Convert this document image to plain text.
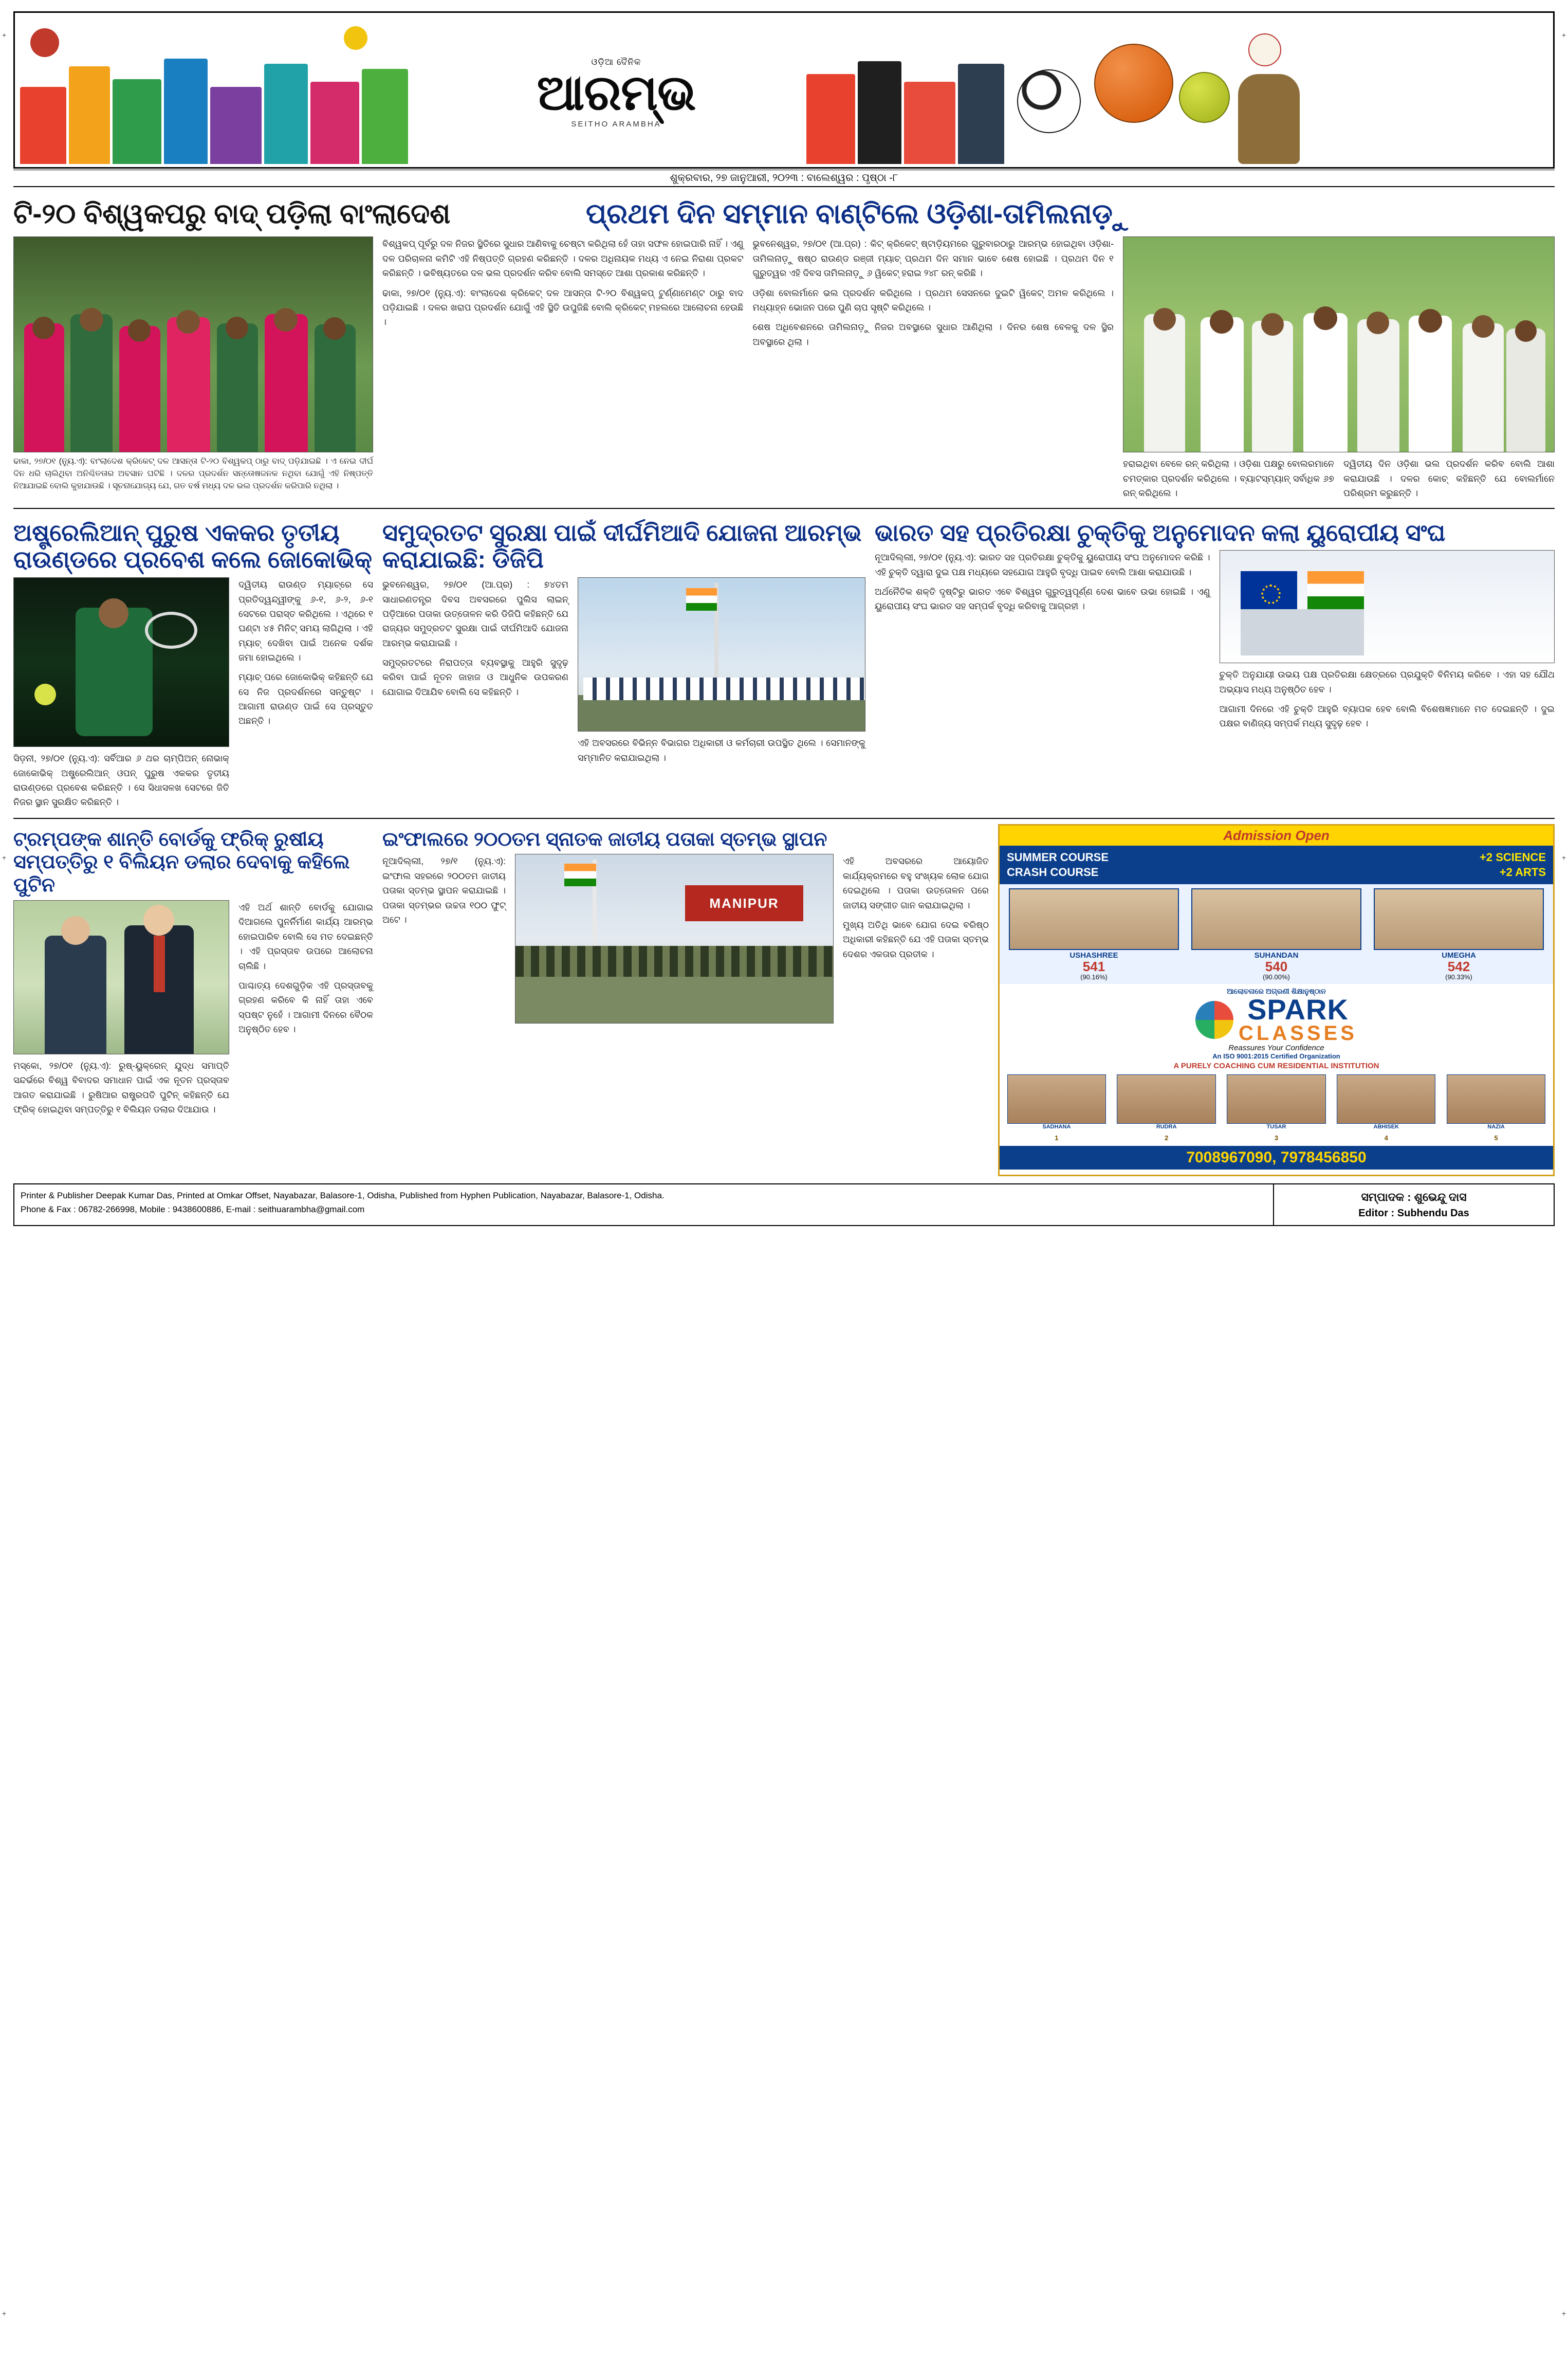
+	+
+	+
+	+
ଓଡ଼ିଆ ଦୈନିକ
ଆରମ୍ଭ
SEITHO ARAMBHA
ଶୁକ୍ରବାର, ୨୭ ଜାନୁଆରୀ, ୨୦୨୩ : ବାଲେଶ୍ୱର : ପୃଷ୍ଠା -୮
ଟି-୨୦ ବିଶ୍ୱକପରୁ ବାଦ୍ ପଡ଼ିଲା ବାଂଲାଦେଶ	ପ୍ରଥମ ଦିନ ସମ୍ମାନ ବାଣ୍ଟିଲେ ଓଡ଼ିଶା-ତାମିଲନାଡ଼ୁ
ଢାକା, ୨୭/୦୧ (ନ୍ୟୁ.ଏ): ବାଂଲାଦେଶ କ୍ରିକେଟ୍ ଦଳ ଆସନ୍ତା ଟି-୨୦ ବିଶ୍ୱକପ୍ ଠାରୁ ବାଦ୍ ପଡ଼ିଯାଇଛି । ଏ ନେଇ ଦୀର୍ଘ ଦିନ ଧରି ଚାଲିଥିବା ଅନିଶ୍ଚିତତାର ଅବସାନ ଘଟିଛି । ଦଳର ପ୍ରଦର୍ଶନ ସନ୍ତୋଷଜନକ ନଥିବା ଯୋଗୁଁ ଏହି ନିଷ୍ପତ୍ତି ନିଆଯାଇଛି ବୋଲି କୁହାଯାଉଛି । ସୂଚନାଯୋଗ୍ୟ ଯେ, ଗତ ବର୍ଷ ମଧ୍ୟ ଦଳ ଭଲ ପ୍ରଦର୍ଶନ କରିପାରି ନଥିଲା ।
ବିଶ୍ୱକପ୍ ପୂର୍ବରୁ ଦଳ ନିଜର ସ୍ଥିତିରେ ସୁଧାର ଆଣିବାକୁ ଚେଷ୍ଟା କରିଥିଲା ହେଁ ତାହା ସଫଳ ହୋଇପାରି ନାହିଁ । ଏଣୁ ଦଳ ପରିଚାଳନା କମିଟି ଏହି ନିଷ୍ପତ୍ତି ଗ୍ରହଣ କରିଛନ୍ତି । ଦଳର ଅଧିନାୟକ ମଧ୍ୟ ଏ ନେଇ ନିରାଶା ପ୍ରକଟ କରିଛନ୍ତି । ଭବିଷ୍ୟତରେ ଦଳ ଭଲ ପ୍ରଦର୍ଶନ କରିବ ବୋଲି ସମସ୍ତେ ଆଶା ପ୍ରକାଶ କରିଛନ୍ତି ।
ଢାକା, ୨୭/୦୧ (ନ୍ୟୁ.ଏ): ବାଂଲାଦେଶ କ୍ରିକେଟ୍ ଦଳ ଆସନ୍ତା ଟି-୨୦ ବିଶ୍ୱକପ୍ ଟୁର୍ଣ୍ଣାମେଣ୍ଟ ଠାରୁ ବାଦ ପଡ଼ିଯାଇଛି । ଦଳର ଖରାପ ପ୍ରଦର୍ଶନ ଯୋଗୁଁ ଏହି ସ୍ଥିତି ଉପୁଜିଛି ବୋଲି କ୍ରିକେଟ୍ ମହଲରେ ଆଲୋଚନା ହେଉଛି ।
ଭୁବନେଶ୍ୱର, ୨୭/୦୧ (ଆ.ପ୍ର) : କିଟ୍ କ୍ରିକେଟ୍ ଷ୍ଟାଡ଼ିୟମରେ ଗୁରୁବାରଠାରୁ ଆରମ୍ଭ ହୋଇଥିବା ଓଡ଼ିଶା-ତାମିଲନାଡ଼ୁ ଷଷ୍ଠ ରାଉଣ୍ଡ ରଞ୍ଜୀ ମ୍ୟାଚ୍ ପ୍ରଥମ ଦିନ ସମାନ ଭାବେ ଶେଷ ହୋଇଛି । ପ୍ରଥମ ଦିନ ୧ ଗୁରୁତ୍ୱର ଏହି ଦିବସ ତାମିଲନାଡ଼ୁ ୬ ୱିକେଟ୍ ହରାଇ ୨୪୮ ରନ୍ କରିଛି ।
ଓଡ଼ିଶା ବୋଲର୍ମାନେ ଭଲ ପ୍ରଦର୍ଶନ କରିଥିଲେ । ପ୍ରଥମ ସେସନରେ ଦୁଇଟି ୱିକେଟ୍ ଅମଳ କରିଥିଲେ । ମଧ୍ୟାହ୍ନ ଭୋଜନ ପରେ ପୁଣି ଚାପ ସୃଷ୍ଟି କରିଥିଲେ ।
ଶେଷ ଅଧିବେଶନରେ ତାମିଲନାଡ଼ୁ ନିଜର ଅବସ୍ଥାରେ ସୁଧାର ଆଣିଥିଲା । ଦିନର ଶେଷ ବେଳକୁ ଦଳ ସ୍ଥିର ଅବସ୍ଥାରେ ଥିଲା ।
ହରାଇଥିବା ବେଳେ ରନ୍ କରିଥିଲା । ଓଡ଼ିଶା ପକ୍ଷରୁ ବୋଲରମାନେ ଚମତ୍କାର ପ୍ରଦର୍ଶନ କରିଥିଲେ । ବ୍ୟାଟସ୍‌ମ୍ୟାନ୍ ସର୍ବାଧିକ ୬୭ ରନ୍ କରିଥିଲେ ।
ଦ୍ୱିତୀୟ ଦିନ ଓଡ଼ିଶା ଭଲ ପ୍ରଦର୍ଶନ କରିବ ବୋଲି ଆଶା କରାଯାଉଛି । ଦଳର କୋଚ୍ କହିଛନ୍ତି ଯେ ବୋଲର୍ମାନେ ପରିଶ୍ରମ କରୁଛନ୍ତି ।
ଅଷ୍ଟ୍ରେଲିଆନ୍ ପୁରୁଷ ଏକକର ତୃତୀୟ ରାଉଣ୍ଡରେ ପ୍ରବେଶ କଲେ ଜୋକୋଭିକ୍
ସିଡ଼ନୀ, ୨୭/୦୧ (ନ୍ୟୁ.ଏ): ସର୍ବିଆର ୬ ଥର ଚାମ୍ପିଅନ୍ ନୋଭାକ୍ ଜୋକୋଭିକ୍ ଅଷ୍ଟ୍ରେଲିଆନ୍ ଓପନ୍ ପୁରୁଷ ଏକକର ତୃତୀୟ ରାଉଣ୍ଡରେ ପ୍ରବେଶ କରିଛନ୍ତି । ସେ ସିଧାସଳଖ ସେଟରେ ଜିତି ନିଜର ସ୍ଥାନ ସୁରକ୍ଷିତ କରିଛନ୍ତି ।
ଦ୍ୱିତୀୟ ରାଉଣ୍ଡ ମ୍ୟାଚ୍‌ରେ ସେ ପ୍ରତିଦ୍ୱନ୍ଦ୍ୱୀଙ୍କୁ ୬-୧, ୬-୨, ୬-୧ ସେଟରେ ପରାସ୍ତ କରିଥିଲେ । ଏଥିରେ ୧ ଘଣ୍ଟା ୪୫ ମିନିଟ୍ ସମୟ ଲାଗିଥିଲା । ଏହି ମ୍ୟାଚ୍ ଦେଖିବା ପାଇଁ ଅନେକ ଦର୍ଶକ ଜମା ହୋଇଥିଲେ ।
ମ୍ୟାଚ୍ ପରେ ଜୋକୋଭିକ୍ କହିଛନ୍ତି ଯେ ସେ ନିଜ ପ୍ରଦର୍ଶନରେ ସନ୍ତୁଷ୍ଟ । ଆଗାମୀ ରାଉଣ୍ଡ ପାଇଁ ସେ ପ୍ରସ୍ତୁତ ଅଛନ୍ତି ।
ସମୁଦ୍ରତଟ ସୁରକ୍ଷା ପାଇଁ ଦୀର୍ଘମିଆଦି ଯୋଜନା ଆରମ୍ଭ କରାଯାଇଛି: ଡିଜିପି
ଭୁବନେଶ୍ୱର, ୨୭/୦୧ (ଆ.ପ୍ର) : ୭୪ତମ ସାଧାରଣତନ୍ତ୍ର ଦିବସ ଅବସରରେ ପୁଲିସ ଲାଇନ୍ ପଡ଼ିଆରେ ପତାକା ଉତ୍ତୋଳନ କରି ଡିଜିପି କହିଛନ୍ତି ଯେ ରାଜ୍ୟର ସମୁଦ୍ରତଟ ସୁରକ୍ଷା ପାଇଁ ଦୀର୍ଘମିଆଦି ଯୋଜନା ଆରମ୍ଭ କରାଯାଇଛି ।
ସମୁଦ୍ରତଟରେ ନିରାପତ୍ତା ବ୍ୟବସ୍ଥାକୁ ଆହୁରି ସୁଦୃଢ଼ କରିବା ପାଇଁ ନୂତନ ଜାହାଜ ଓ ଆଧୁନିକ ଉପକରଣ ଯୋଗାଇ ଦିଆଯିବ ବୋଲି ସେ କହିଛନ୍ତି ।
ଏହି ଅବସରରେ ବିଭିନ୍ନ ବିଭାଗର ଅଧିକାରୀ ଓ କର୍ମଚାରୀ ଉପସ୍ଥିତ ଥିଲେ । ସେମାନଙ୍କୁ ସମ୍ମାନିତ କରାଯାଇଥିଲା ।
ଭାରତ ସହ ପ୍ରତିରକ୍ଷା ଚୁକ୍ତିକୁ ଅନୁମୋଦନ କଲା ୟୁରୋପୀୟ ସଂଘ
ନୂଆଦିଲ୍ଲୀ, ୨୭/୦୧ (ନ୍ୟୁ.ଏ): ଭାରତ ସହ ପ୍ରତିରକ୍ଷା ଚୁକ୍ତିକୁ ୟୁରୋପୀୟ ସଂଘ ଅନୁମୋଦନ କରିଛି । ଏହି ଚୁକ୍ତି ଦ୍ୱାରା ଦୁଇ ପକ୍ଷ ମଧ୍ୟରେ ସହଯୋଗ ଆହୁରି ବୃଦ୍ଧି ପାଇବ ବୋଲି ଆଶା କରାଯାଉଛି ।
ଅର୍ଥନୈତିକ ଶକ୍ତି ଦୃଷ୍ଟିରୁ ଭାରତ ଏବେ ବିଶ୍ୱର ଗୁରୁତ୍ୱପୂର୍ଣ୍ଣ ଦେଶ ଭାବେ ଉଭା ହୋଇଛି । ଏଣୁ ୟୁରୋପୀୟ ସଂଘ ଭାରତ ସହ ସମ୍ପର୍କ ବୃଦ୍ଧି କରିବାକୁ ଆଗ୍ରହୀ ।
ଚୁକ୍ତି ଅନୁଯାୟୀ ଉଭୟ ପକ୍ଷ ପ୍ରତିରକ୍ଷା କ୍ଷେତ୍ରରେ ପ୍ରଯୁକ୍ତି ବିନିମୟ କରିବେ । ଏହା ସହ ଯୌଥ ଅଭ୍ୟାସ ମଧ୍ୟ ଅନୁଷ୍ଠିତ ହେବ ।
ଆଗାମୀ ଦିନରେ ଏହି ଚୁକ୍ତି ଆହୁରି ବ୍ୟାପକ ହେବ ବୋଲି ବିଶେଷଜ୍ଞମାନେ ମତ ଦେଇଛନ୍ତି । ଦୁଇ ପକ୍ଷର ବାଣିଜ୍ୟ ସମ୍ପର୍କ ମଧ୍ୟ ସୁଦୃଢ଼ ହେବ ।
ଟ୍ରମ୍ପଙ୍କ ଶାନ୍ତି ବୋର୍ଡକୁ ଫ୍ରିକ୍ ରୁଷୀୟ ସମ୍ପତ୍ତିରୁ ୧ ବିଲିୟନ ଡଲାର ଦେବାକୁ କହିଲେ ପୁଟିନ
ମସ୍କୋ, ୨୭/୦୧ (ନ୍ୟୁ.ଏ): ରୁଷ୍-ୟୁକ୍ରେନ୍ ଯୁଦ୍ଧ ସମାପ୍ତି ସନ୍ଦର୍ଭରେ ବିଶ୍ୱ ବିବାଦର ସମାଧାନ ପାଇଁ ଏକ ନୂତନ ପ୍ରସ୍ତାବ ଆଗତ କରାଯାଇଛି । ରୁଷିଆର ରାଷ୍ଟ୍ରପତି ପୁଟିନ୍ କହିଛନ୍ତି ଯେ ଫ୍ରିକ୍ ହୋଇଥିବା ସମ୍ପତ୍ତିରୁ ୧ ବିଲିୟନ ଡଲାର ଦିଆଯାଉ ।
ଏହି ଅର୍ଥ ଶାନ୍ତି ବୋର୍ଡକୁ ଯୋଗାଇ ଦିଆଗଲେ ପୁନର୍ନିର୍ମାଣ କାର୍ଯ୍ୟ ଆରମ୍ଭ ହୋଇପାରିବ ବୋଲି ସେ ମତ ଦେଇଛନ୍ତି । ଏହି ପ୍ରସ୍ତାବ ଉପରେ ଆଲୋଚନା ଚାଲିଛି ।
ପାଶ୍ଚାତ୍ୟ ଦେଶଗୁଡ଼ିକ ଏହି ପ୍ରସ୍ତାବକୁ ଗ୍ରହଣ କରିବେ କି ନାହିଁ ତାହା ଏବେ ସ୍ପଷ୍ଟ ନୁହେଁ । ଆଗାମୀ ଦିନରେ ବୈଠକ ଅନୁଷ୍ଠିତ ହେବ ।
ଇଂଫାଲରେ ୨୦୦ତମ ସ୍ନାତକ ଜାତୀୟ ପତାକା ସ୍ତମ୍ଭ ସ୍ଥାପନ
ନୂଆଦିଲ୍ଲୀ, ୨୭/୧ (ନ୍ୟୁ.ଏ): ଇଂଫାଲ ସହରରେ ୨୦୦ତମ ଜାତୀୟ ପତାକା ସ୍ତମ୍ଭ ସ୍ଥାପନ କରାଯାଇଛି । ପତାକା ସ୍ତମ୍ଭର ଉଚ୍ଚତା ୧୦୦ ଫୁଟ୍ ଅଟେ ।
MANIPUR
ଏହି ଅବସରରେ ଆୟୋଜିତ କାର୍ଯ୍ୟକ୍ରମରେ ବହୁ ସଂଖ୍ୟକ ଲୋକ ଯୋଗ ଦେଇଥିଲେ । ପତାକା ଉତ୍ତୋଳନ ପରେ ଜାତୀୟ ସଙ୍ଗୀତ ଗାନ କରାଯାଇଥିଲା ।
ମୁଖ୍ୟ ଅତିଥି ଭାବେ ଯୋଗ ଦେଇ ବରିଷ୍ଠ ଅଧିକାରୀ କହିଛନ୍ତି ଯେ ଏହି ପତାକା ସ୍ତମ୍ଭ ଦେଶର ଏକତାର ପ୍ରତୀକ ।
Admission Open
SUMMER COURSE
CRASH COURSE
+2 SCIENCE
+2 ARTS
USHASHREE
541
(90.16%)
SUHANDAN
540
(90.00%)
UMEGHA
542
(90.33%)
ଆଲୋଚନାରେ ଅଗ୍ରଣୀ ଶିକ୍ଷାନୁଷ୍ଠାନ
SPARK
CLASSES
Reassures Your Confidence
An ISO 9001:2015 Certified Organization
A PURELY COACHING CUM RESIDENTIAL INSTITUTION
SADHANA	RUDRA	TUSAR	ABHISEK	NAZIA
1	2	3	4	5
7008967090, 7978456850
Printer & Publisher Deepak Kumar Das, Printed at Omkar Offset, Nayabazar, Balasore-1, Odisha, Published from Hyphen Publication, Nayabazar, Balasore-1, Odisha.
Phone & Fax : 06782-266998, Mobile : 9438600886, E-mail : seithuarambha@gmail.com
ସମ୍ପାଦକ : ଶୁଭେନ୍ଦୁ ଦାସ
Editor : Subhendu Das
